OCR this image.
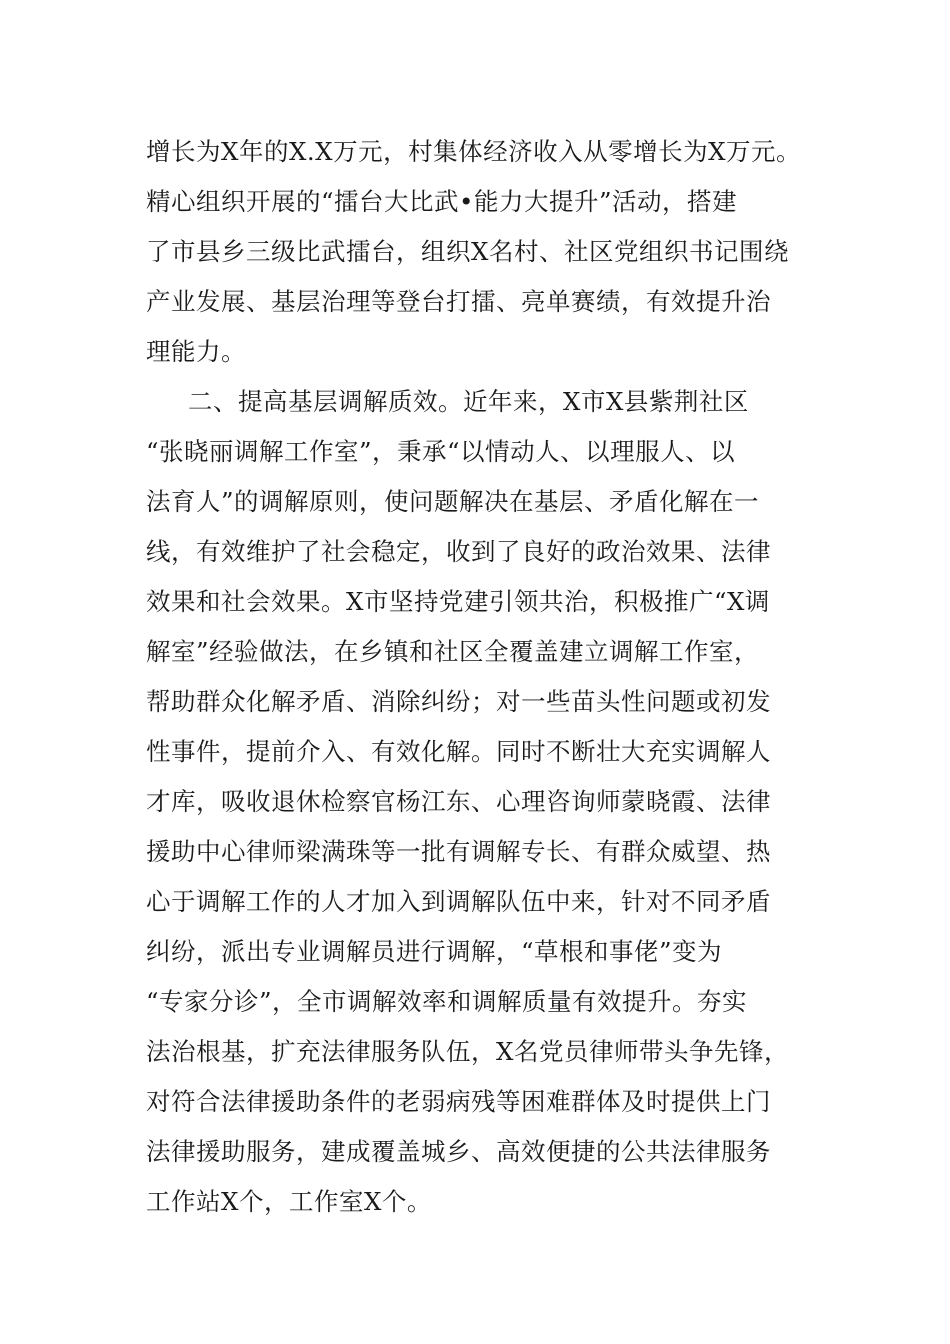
增长为X年的X.X万元，村集体经济收入从零增长为X万元。
精心组织开展的“擂台大比武•能力大提升”活动，搭建
了市县乡三级比武擂台，组织X名村、社区党组织书记围绕
产业发展、基层治理等登台打擂、亮单赛绩，有效提升治
理能力。
二、提高基层调解质效。近年来，X市X县紫荆社区
“张晓丽调解工作室”，秉承“以情动人、以理服人、以
法育人”的调解原则，使问题解决在基层、矛盾化解在一
线，有效维护了社会稳定，收到了良好的政治效果、法律
效果和社会效果。X市坚持党建引领共治，积极推广“X调
解室”经验做法，在乡镇和社区全覆盖建立调解工作室，
帮助群众化解矛盾、消除纠纷；对一些苗头性问题或初发
性事件，提前介入、有效化解。同时不断壮大充实调解人
才库，吸收退休检察官杨江东、心理咨询师蒙晓霞、法律
援助中心律师梁满珠等一批有调解专长、有群众威望、热
心于调解工作的人才加入到调解队伍中来，针对不同矛盾
纠纷，派出专业调解员进行调解，“草根和事佬”变为
“专家分诊”，全市调解效率和调解质量有效提升。夯实
法治根基，扩充法律服务队伍，X名党员律师带头争先锋，
对符合法律援助条件的老弱病残等困难群体及时提供上门
法律援助服务，建成覆盖城乡、高效便捷的公共法律服务
工作站X个，工作室X个。
